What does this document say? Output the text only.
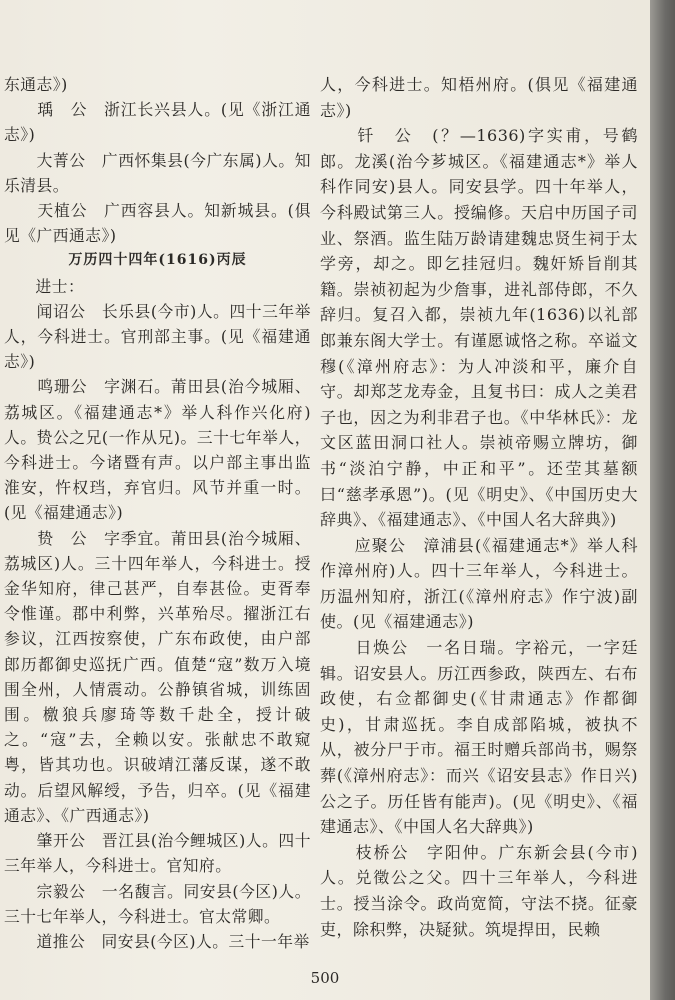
东通志》)

　　瑀　公　浙江长兴县人。(见《浙江通志》)

　　大菁公　广西怀集县(今广东属)人。知乐清县。

　　天植公　广西容县人。知新城县。(俱见《广西通志》)

万历四十四年(1616)丙辰

进士：

　　闻诏公　长乐县(今市)人。四十三年举人，今科进士。官刑部主事。(见《福建通志》)

　　鸣珊公　字渊石。莆田县(治今城厢、荔城区。《福建通志*》举人科作兴化府)人。贽公之兄(一作从兄)。三十七年举人，今科进士。今诸暨有声。以户部主事出监淮安，忤权珰，弃官归。风节并重一时。(见《福建通志》)

　　贽　公　字季宜。莆田县(治今城厢、荔城区)人。三十四年举人，今科进士。授金华知府，律己甚严，自奉甚俭。吏胥奉令惟谨。郡中利弊，兴革殆尽。擢浙江右参议，江西按察使，广东布政使，由户部郎历都御史巡抚广西。值楚“寇”数万入境围全州，人情震动。公静镇省城，训练固围。檄狼兵廖琦等数千赴全，授计破之。“寇”去，全赖以安。张献忠不敢窥粤，皆其功也。识破靖江藩反谋，遂不敢动。后望风解绶，予告，归卒。(见《福建通志》、《广西通志》)

　　肇开公　晋江县(治今鲤城区)人。四十三年举人，今科进士。官知府。

　　宗毅公　一名馥言。同安县(今区)人。三十七年举人，今科进士。官太常卿。

　　道推公　同安县(今区)人。三十一年举

人，今科进士。知梧州府。(俱见《福建通志》)

　　钎　公　(？—1636)字实甫，号鹤郎。龙溪(治今芗城区。《福建通志*》举人科作同安)县人。同安县学。四十年举人，今科殿试第三人。授编修。天启中历国子司业、祭酒。监生陆万龄请建魏忠贤生祠于太学旁，却之。即乞挂冠归。魏奸矫旨削其籍。崇祯初起为少詹事，进礼部侍郎，不久辞归。复召入都，崇祯九年(1636)以礼部郎兼东阁大学士。有谨愿诚恪之称。卒谥文穆(《漳州府志》：为人冲淡和平，廉介自守。却郑芝龙寿金，且复书曰：成人之美君子也，因之为利非君子也。《中华林氏》：龙文区蓝田洞口社人。崇祯帝赐立牌坊，御书“淡泊宁静，中正和平”。还茔其墓额曰“慈孝承恩”)。(见《明史》、《中国历史大辞典》、《福建通志》、《中国人名大辞典》)

　　应聚公　漳浦县(《福建通志*》举人科作漳州府)人。四十三年举人，今科进士。历温州知府，浙江(《漳州府志》作宁波)副使。(见《福建通志》)

　　日焕公　一名日瑞。字裕元，一字廷辑。诏安县人。历江西参政，陕西左、右布政使，右佥都御史(《甘肃通志》作都御史)，甘肃巡抚。李自成部陷城，被执不从，被分尸于市。福王时赠兵部尚书，赐祭葬(《漳州府志》：而兴《诏安县志》作日兴)公之子。历任皆有能声)。(见《明史》、《福建通志》、《中国人名大辞典》)

　　枝桥公　字阳仲。广东新会县(今市)人。兑徵公之父。四十三年举人，今科进士。授当涂令。政尚宽简，守法不挠。征豪吏，除积弊，决疑狱。筑堤捍田，民赖

500
